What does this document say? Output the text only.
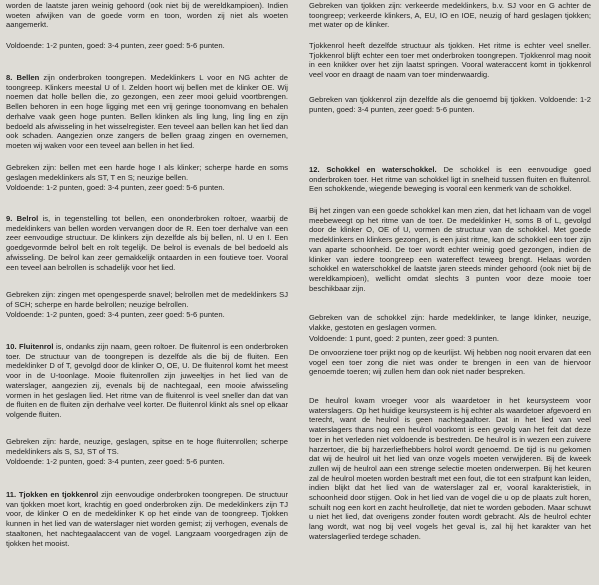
worden de laatste jaren weinig gehoord (ook niet bij de wereldkampioen). Indien woeten afwijken van de goede vorm en toon, worden zij niet als woeten aangemerkt.

Voldoende: 1-2 punten, goed: 3-4 punten, zeer goed: 5-6 punten.

8. Bellen zijn onderbroken toongrepen. Medeklinkers L voor en NG achter de toongreep. Klinkers meestal U of I. Zelden hoort wij bellen met de klinker OE. Wij noemen dat holle bellen die, zo gezongen, een zeer mooi geluid voortbrengen. Bellen behoren in een hoge ligging met een vrij geringe toonomvang en behalen derhalve vaak geen hoge punten. Bellen klinken als ling lung, ling ling en zijn bedoeld als afwisseling in het wisselregister. Een teveel aan bellen kan het lied dan ook schaden. Aangezien onze zangers de bellen graag zingen en overnemen, moeten wij waken voor een teveel aan bellen in het lied.

Gebreken zijn: bellen met een harde hoge I als klinker; scherpe harde en soms geslagen medeklinkers als ST, T en S; neuzige bellen.

Voldoende: 1-2 punten, goed: 3-4 punten, zeer goed: 5-6 punten.

9. Belrol is, in tegenstelling tot bellen, een ononderbroken roltoer, waarbij de medeklinkers van bellen worden vervangen door de R. Een toer derhalve van een zeer eenvoudige structuur. De klinkers zijn dezelfde als bij bellen, nl. U en I. Een goedgevormde belrol belt en rolt tegelijk. De belrol is evenals de bel bedoeld als afwisseling. De belrol kan zeer gemakkelijk ontaarden in een foutieve toer. Vooral een teveel aan belrollen is schadelijk voor het lied.

Gebreken zijn: zingen met opengesperde snavel; belrollen met de medeklinkers SJ of SCH; scherpe en harde belrollen; neuzige belrollen.

Voldoende: 1-2 punten, goed: 3-4 punten, zeer goed: 5-6 punten.

10. Fluitenrol is, ondanks zijn naam, geen roltoer. De fluitenrol is een onderbroken toer. De structuur van de toongrepen is dezelfde als die bij de fluiten. Een medeklinker D of T, gevolgd door de klinker O, OE, U. De fluitenrol komt het meest voor in de U-toonlage. Mooie fluitenrollen zijn juweeltjes in het lied van de waterslager, aangezien zij, evenals bij de nachtegaal, een mooie afwisseling vormen in het geslagen lied. Het ritme van de fluitenrol is veel sneller dan dat van de fluiten en de fluiten zijn derhalve veel korter. De fluitenrol klinkt als snel op elkaar volgende fluiten.

Gebreken zijn: harde, neuzige, geslagen, spitse en te hoge fluitenrollen; scherpe medeklinkers als S, SJ, ST of TS.

Voldoende: 1-2 punten, goed: 3-4 punten, zeer goed: 5-6 punten.

11. Tjokken en tjokkenrol zijn eenvoudige onderbroken toongrepen. De structuur van tjokken moet kort, krachtig en goed onderbroken zijn. De medeklinkers zijn TJ voor, de klinker O en de medeklinker K op het einde van de toongreep. Tjokken kunnen in het lied van de waterslager niet worden gemist; zij verhogen, evenals de staaltonen, het nachtegaalaccent van de vogel. Langzaam voorgedragen zijn de tjokken het mooist.

Gebreken van tjokken zijn: verkeerde medeklinkers, b.v. SJ voor en G achter de toongreep; verkeerde klinkers, A, EU, IO en IOE, neuzig of hard geslagen tjokken; met water op de klinker.

Tjokkenrol heeft dezelfde structuur als tjokken. Het ritme is echter veel sneller. Tjokkenrol blijft echter een toer met onderbroken toongrepen. Tjokkenrol mag nooit in een knikker over het zijn laatst springen. Vooral wateraccent komt in tjokkenrol veel voor en draagt de naam van toer minderwaardig.

Gebreken van tjokkenrol zijn dezelfde als die genoemd bij tjokken. Voldoende: 1-2 punten, goed: 3-4 punten, zeer goed: 5-6 punten.

12. Schokkel en waterschokkel. De schokkel is een eenvoudige goed onderbroken toer. Het ritme van schokkel ligt in snelheid tussen fluiten en fluitenrol. Een schokkende, wiegende beweging is vooral een kenmerk van de schokkel.

Bij het zingen van een goede schokkel kan men zien, dat het lichaam van de vogel meebeweegt op het ritme van de toer. De medeklinker H, soms B of L, gevolgd door de klinker O, OE of U, vormen de structuur van de schokkel. Met goede medeklinkers en klinkers gezongen, is een juist ritme, kan de schokkel een toer zijn van aparte schoonheid. De toer wordt echter weinig goed gezongen, indien de klinker van iedere toongreep een watereffect teweeg brengt. Helaas worden schokkel en waterschokkel de laatste jaren steeds minder gehoord (ook niet bij de wereldkampioen), wellicht omdat slechts 3 punten voor deze mooie toer beschikbaar zijn.

Gebreken van de schokkel zijn: harde medeklinker, te lange klinker, neuzige, vlakke, gestoten en geslagen vormen.

Voldoende: 1 punt, goed: 2 punten, zeer goed: 3 punten.

De onvoorziene toer prijkt nog op de keurlijst. Wij hebben nog nooit ervaren dat een vogel een toer zong die niet was onder te brengen in een van de hiervoor genoemde toeren; wij zullen hem dan ook niet nader bespreken.

De heulrol kwam vroeger voor als waardetoer in het keursysteem voor waterslagers. Op het huidige keursysteem is hij echter als waardetoer afgevoerd en terecht, want de heulrol is geen nachtegaaltoer. Dat in het lied van veel waterslagers thans nog een heulrol voorkomt is een gevolg van het feit dat deze toer in het verleden niet voldoende is bestreden. De heulrol is in wezen een zuivere harzertoer, die bij harzerliefhebbers holrol wordt genoemd. De tijd is nu gekomen dat wij de heulrol uit het lied van onze vogels moeten verwijderen. Bij de kweek zullen wij de heulrol aan een strenge selectie moeten onderwerpen. Bij het keuren zal de heulrol moeten worden bestraft met een fout, die tot een strafpunt kan leiden, indien blijkt dat het lied van de waterslager zal er, vooral karakteristiek, in schoonheid door stijgen. Ook in het lied van de vogel die u op de plaats zult horen, schuilt nog een kort en zacht heulrolletje, dat niet te worden geboden. Maar schuwt u niet het lied, dat overigens zonder fouten wordt gebracht. Als de heulrol echter lang wordt, wat nog bij veel vogels het geval is, zal hij het karakter van het waterslagerlied terdege schaden.
